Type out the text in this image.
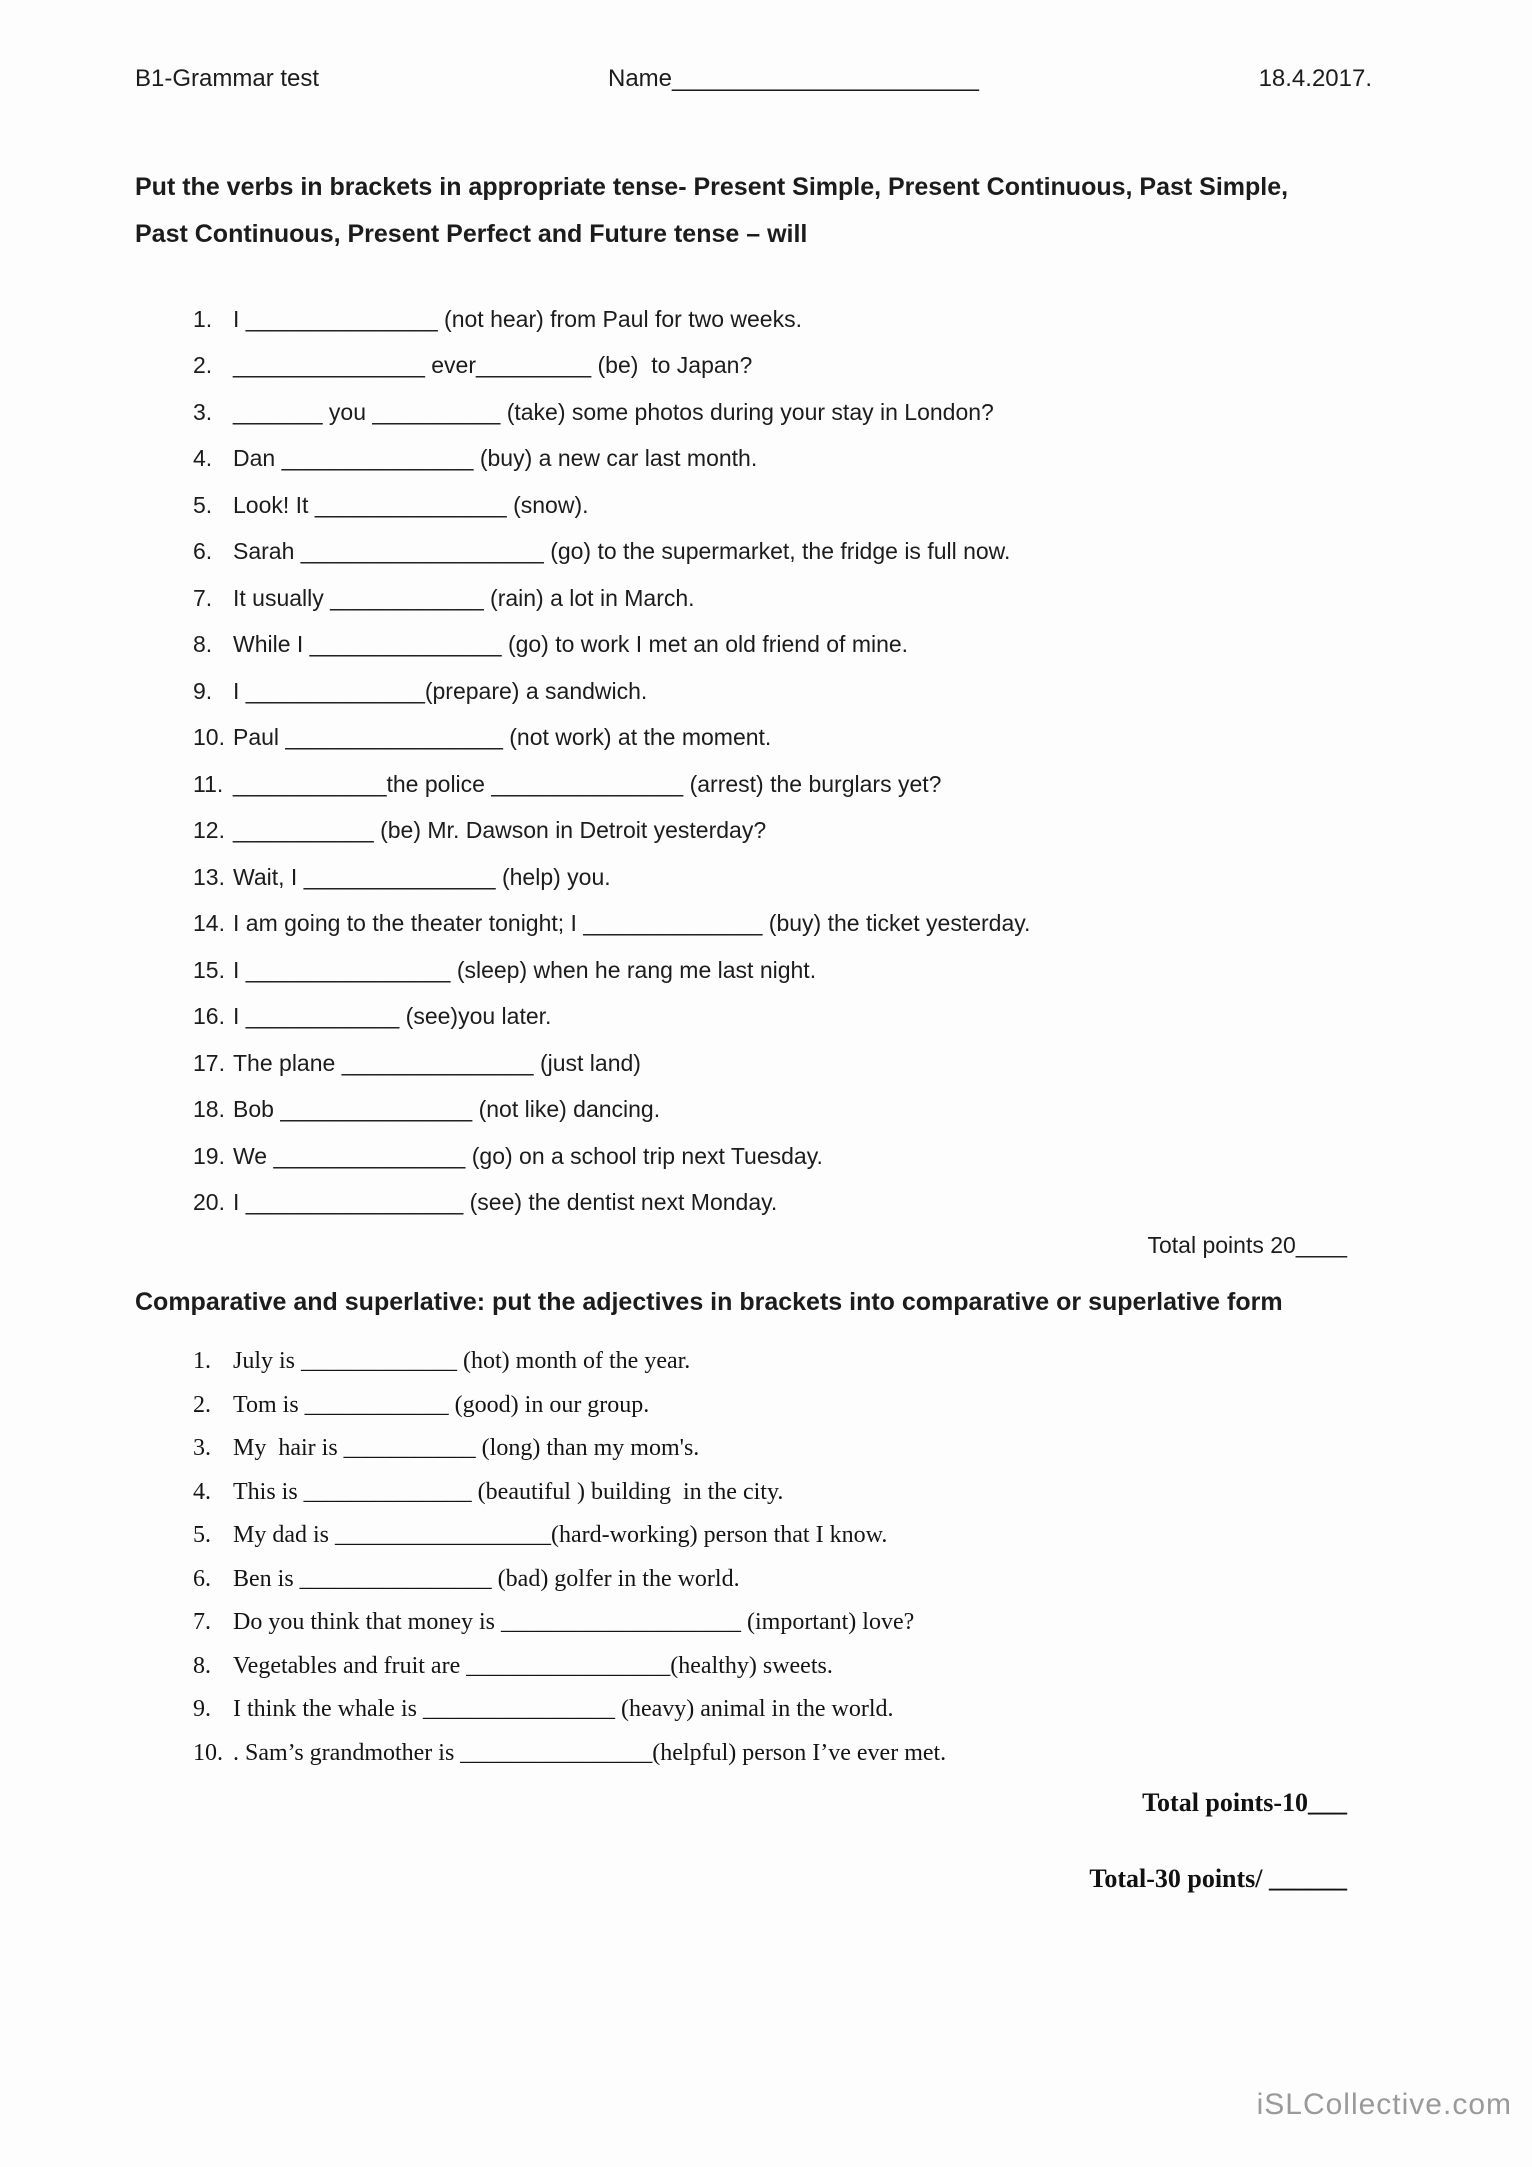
B1-Grammar test	Name_______________________	18.4.2017.
Put the verbs in brackets in appropriate tense- Present Simple, Present Continuous, Past Simple, Past Continuous, Present Perfect and Future tense – will
1. I _______________ (not hear) from Paul for two weeks.
2. _______________ ever_________ (be)  to Japan?
3. _______ you __________ (take) some photos during your stay in London?
4. Dan _______________ (buy) a new car last month.
5. Look! It _______________ (snow).
6. Sarah ___________________ (go) to the supermarket, the fridge is full now.
7. It usually ____________ (rain) a lot in March.
8. While I _______________ (go) to work I met an old friend of mine.
9. I ______________(prepare) a sandwich.
10. Paul _________________ (not work) at the moment.
11. ____________the police _______________ (arrest) the burglars yet?
12. ___________ (be) Mr. Dawson in Detroit yesterday?
13. Wait, I _______________ (help) you.
14. I am going to the theater tonight; I ______________ (buy) the ticket yesterday.
15. I ________________ (sleep) when he rang me last night.
16. I ____________ (see)you later.
17. The plane _______________ (just land)
18. Bob _______________ (not like) dancing.
19. We _______________ (go) on a school trip next Tuesday.
20. I _________________ (see) the dentist next Monday.
Total points 20____
Comparative and superlative: put the adjectives in brackets into comparative or superlative form
1. July is _____________ (hot) month of the year.
2. Tom is ____________ (good) in our group.
3. My  hair is ___________ (long) than my mom's.
4. This is ______________ (beautiful ) building  in the city.
5. My dad is __________________(hard-working) person that I know.
6. Ben is ________________ (bad) golfer in the world.
7. Do you think that money is ____________________ (important) love?
8. Vegetables and fruit are _________________(healthy) sweets.
9. I think the whale is ________________ (heavy) animal in the world.
10. . Sam’s grandmother is ________________(helpful) person I’ve ever met.
Total points-10___
Total-30 points/ ______
iSLCollective.com
